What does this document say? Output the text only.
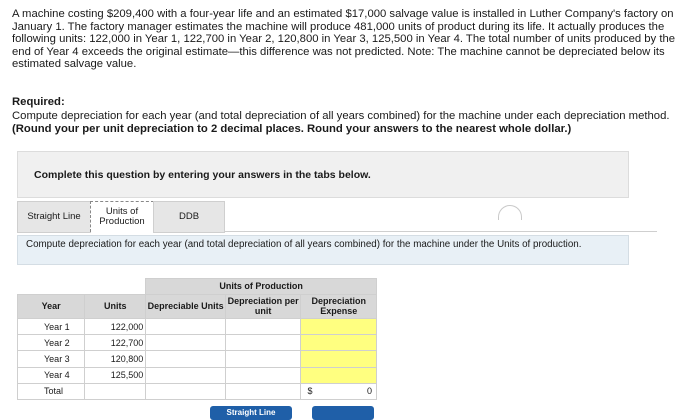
A machine costing $209,400 with a four-year life and an estimated $17,000 salvage value is installed in Luther Company's factory on January 1. The factory manager estimates the machine will produce 481,000 units of product during its life. It actually produces the following units: 122,000 in Year 1, 122,700 in Year 2, 120,800 in Year 3, 125,500 in Year 4. The total number of units produced by the end of Year 4 exceeds the original estimate—this difference was not predicted. Note: The machine cannot be depreciated below its estimated salvage value.
Required:
Compute depreciation for each year (and total depreciation of all years combined) for the machine under each depreciation method.
(Round your per unit depreciation to 2 decimal places. Round your answers to the nearest whole dollar.)
Complete this question by entering your answers in the tabs below.
Straight Line	Units of Production	DDB
Compute depreciation for each year (and total depreciation of all years combined) for the machine under the Units of production.
		Units of Production		
Year	Units	Depreciable Units	Depreciation per unit	Depreciation Expense
Year 1	122,000			
Year 2	122,700			
Year 3	120,800			
Year 4	125,500			
Total				$ 0
Straight Line
